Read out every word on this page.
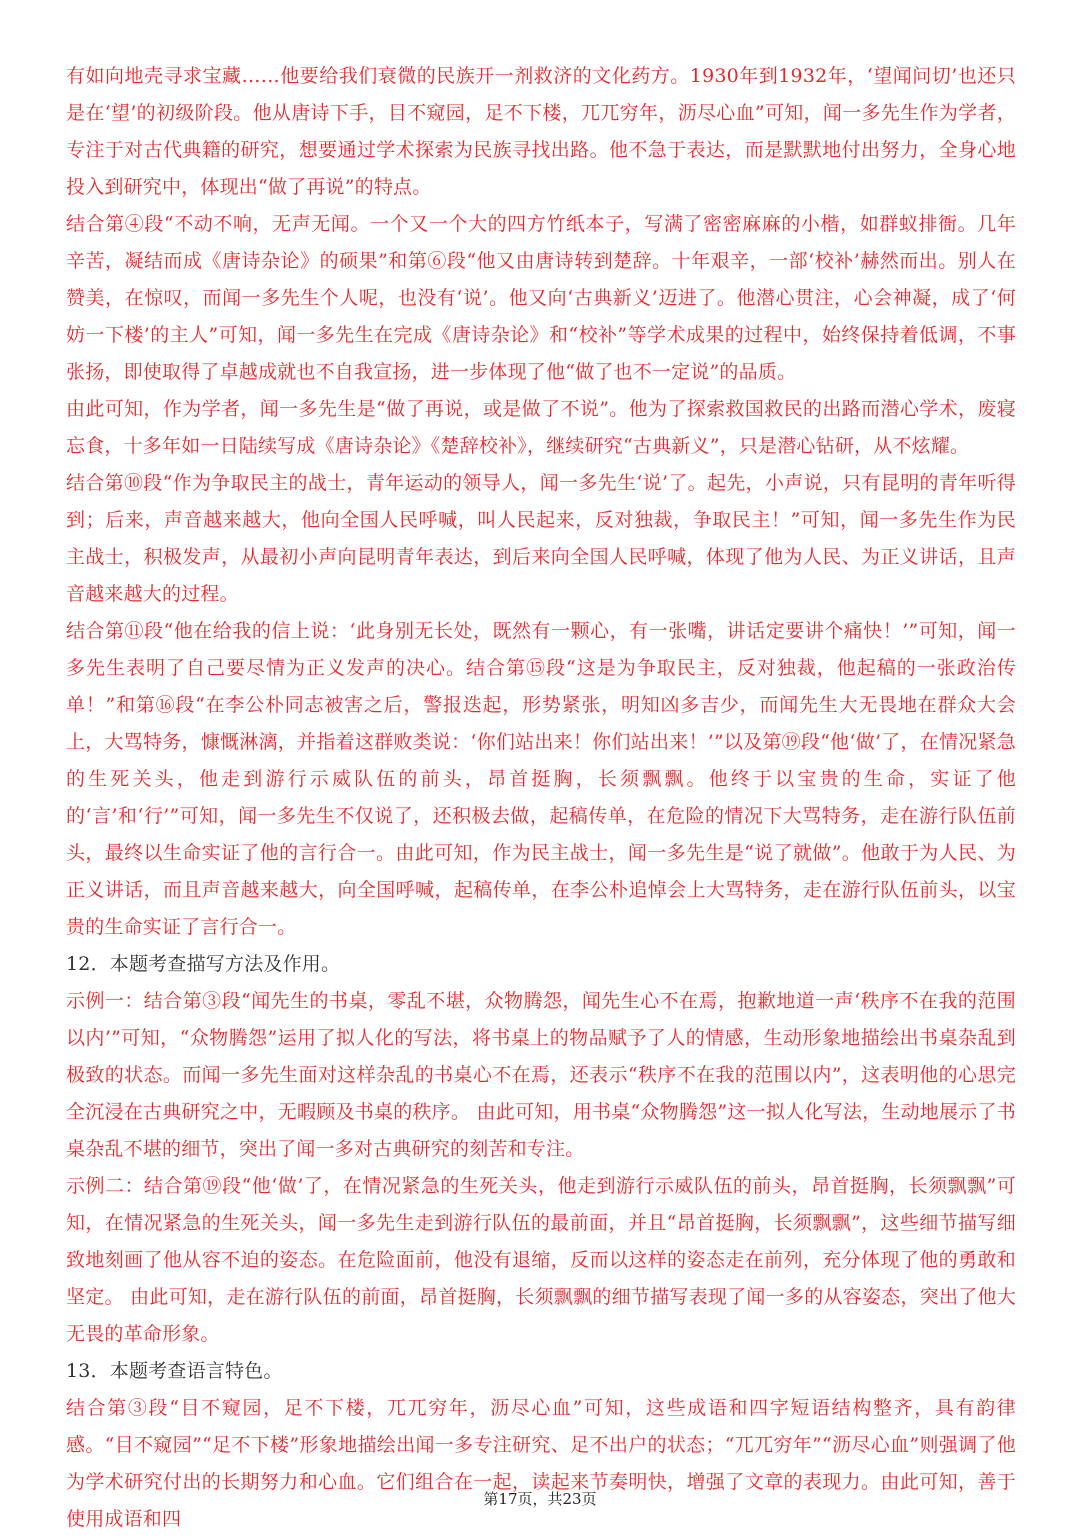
有如向地壳寻求宝藏……他要给我们衰微的民族开一剂救济的文化药方。1930年到1932年，‘望闻问切’也还只是在‘望’的初级阶段。他从唐诗下手，目不窥园，足不下楼，兀兀穷年，沥尽心血”可知，闻一多先生作为学者，专注于对古代典籍的研究，想要通过学术探索为民族寻找出路。他不急于表达，而是默默地付出努力，全身心地投入到研究中，体现出“做了再说”的特点。

结合第④段“不动不响，无声无闻。一个又一个大的四方竹纸本子，写满了密密麻麻的小楷，如群蚁排衙。几年辛苦，凝结而成《唐诗杂论》的硕果”和第⑥段“他又由唐诗转到楚辞。十年艰辛，一部‘校补’赫然而出。别人在赞美，在惊叹，而闻一多先生个人呢，也没有‘说’。他又向‘古典新义’迈进了。他潜心贯注，心会神凝，成了‘何妨一下楼’的主人”可知，闻一多先生在完成《唐诗杂论》和“校补”等学术成果的过程中，始终保持着低调，不事张扬，即使取得了卓越成就也不自我宣扬，进一步体现了他“做了也不一定说”的品质。

由此可知，作为学者，闻一多先生是“做了再说，或是做了不说”。他为了探索救国救民的出路而潜心学术，废寝忘食，十多年如一日陆续写成《唐诗杂论》《楚辞校补》，继续研究“古典新义”，只是潜心钻研，从不炫耀。

结合第⑩段“作为争取民主的战士，青年运动的领导人，闻一多先生‘说’了。起先，小声说，只有昆明的青年听得到；后来，声音越来越大，他向全国人民呼喊，叫人民起来，反对独裁，争取民主！”可知，闻一多先生作为民主战士，积极发声，从最初小声向昆明青年表达，到后来向全国人民呼喊，体现了他为人民、为正义讲话，且声音越来越大的过程。

结合第⑪段“他在给我的信上说：‘此身别无长处，既然有一颗心，有一张嘴，讲话定要讲个痛快！’”可知，闻一多先生表明了自己要尽情为正义发声的决心。结合第⑮段“这是为争取民主，反对独裁，他起稿的一张政治传单！”和第⑯段“在李公朴同志被害之后，警报迭起，形势紧张，明知凶多吉少，而闻先生大无畏地在群众大会上，大骂特务，慷慨淋漓，并指着这群败类说：‘你们站出来！你们站出来！’”以及第⑲段“他‘做’了，在情况紧急的生死关头，他走到游行示威队伍的前头，昂首挺胸，长须飘飘。他终于以宝贵的生命，实证了他的‘言’和‘行’”可知，闻一多先生不仅说了，还积极去做，起稿传单，在危险的情况下大骂特务，走在游行队伍前头，最终以生命实证了他的言行合一。由此可知，作为民主战士，闻一多先生是“说了就做”。他敢于为人民、为正义讲话，而且声音越来越大，向全国呼喊，起稿传单，在李公朴追悼会上大骂特务，走在游行队伍前头，以宝贵的生命实证了言行合一。

12．本题考查描写方法及作用。

示例一：结合第③段“闻先生的书桌，零乱不堪，众物腾怨，闻先生心不在焉，抱歉地道一声‘秩序不在我的范围以内’”可知，“众物腾怨”运用了拟人化的写法，将书桌上的物品赋予了人的情感，生动形象地描绘出书桌杂乱到极致的状态。而闻一多先生面对这样杂乱的书桌心不在焉，还表示“秩序不在我的范围以内”，这表明他的心思完全沉浸在古典研究之中，无暇顾及书桌的秩序。 由此可知，用书桌“众物腾怨”这一拟人化写法，生动地展示了书桌杂乱不堪的细节，突出了闻一多对古典研究的刻苦和专注。

示例二：结合第⑲段“他‘做’了，在情况紧急的生死关头，他走到游行示威队伍的前头，昂首挺胸，长须飘飘”可知，在情况紧急的生死关头，闻一多先生走到游行队伍的最前面，并且“昂首挺胸，长须飘飘”，这些细节描写细致地刻画了他从容不迫的姿态。在危险面前，他没有退缩，反而以这样的姿态走在前列，充分体现了他的勇敢和坚定。 由此可知，走在游行队伍的前面，昂首挺胸，长须飘飘的细节描写表现了闻一多的从容姿态，突出了他大无畏的革命形象。

13．本题考查语言特色。

结合第③段“目不窥园，足不下楼，兀兀穷年，沥尽心血”可知，这些成语和四字短语结构整齐，具有韵律感。“目不窥园”“足不下楼”形象地描绘出闻一多专注研究、足不出户的状态；“兀兀穷年”“沥尽心血”则强调了他为学术研究付出的长期努力和心血。它们组合在一起，读起来节奏明快，增强了文章的表现力。由此可知，善于使用成语和四

第17页，共23页
